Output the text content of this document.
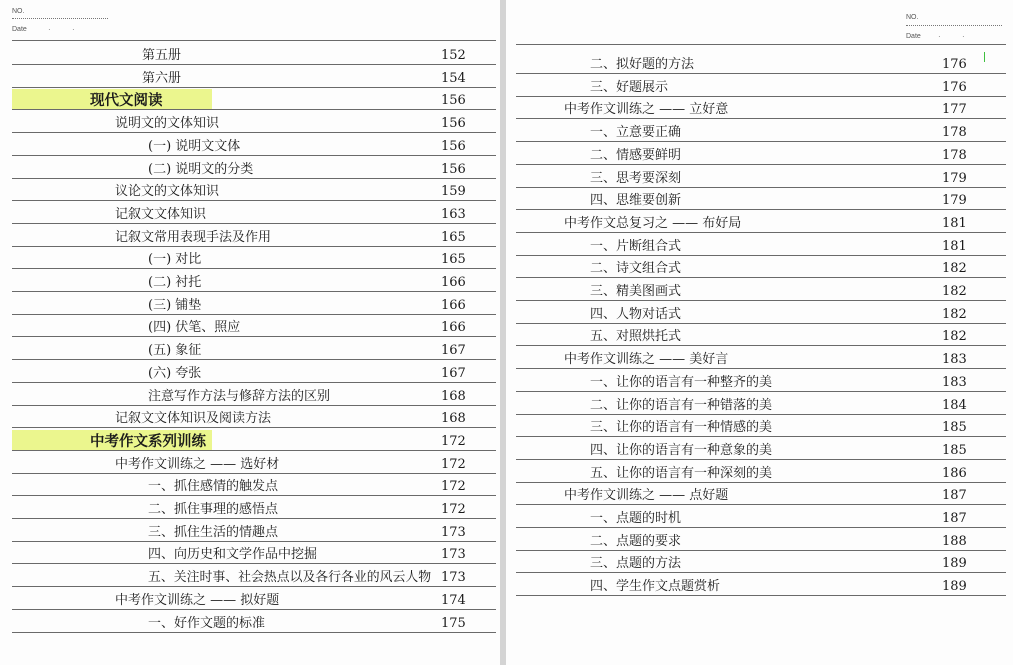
NO.
Date	·	·
第五册	152
第六册	154
现代文阅读	156
说明文的文体知识	156
(一) 说明文文体	156
(二) 说明文的分类	156
议论文的文体知识	159
记叙文文体知识	163
记叙文常用表现手法及作用	165
(一) 对比	165
(二) 衬托	166
(三) 铺垫	166
(四) 伏笔、照应	166
(五) 象征	167
(六) 夸张	167
注意写作方法与修辞方法的区别	168
记叙文文体知识及阅读方法	168
中考作文系列训练	172
中考作文训练之 —— 选好材	172
一、抓住感情的触发点	172
二、抓住事理的感悟点	172
三、抓住生活的情趣点	173
四、向历史和文学作品中挖掘	173
五、关注时事、社会热点以及各行各业的风云人物 173
中考作文训练之 —— 拟好题	174
一、好作文题的标准	175
NO.
Date ·	·
二、拟好题的方法	176
三、好题展示	176
中考作文训练之 —— 立好意	177
一、立意要正确	178
二、情感要鲜明	178
三、思考要深刻	179
四、思维要创新	179
中考作文总复习之 —— 布好局	181
一、片断组合式	181
二、诗文组合式	182
三、精美图画式	182
四、人物对话式	182
五、对照烘托式	182
中考作文训练之 —— 美好言	183
一、让你的语言有一种整齐的美	183
二、让你的语言有一种错落的美	184
三、让你的语言有一种情感的美	185
四、让你的语言有一种意象的美	185
五、让你的语言有一种深刻的美	186
中考作文训练之 —— 点好题	187
一、点题的时机	187
二、点题的要求	188
三、点题的方法	189
四、学生作文点题赏析	189
